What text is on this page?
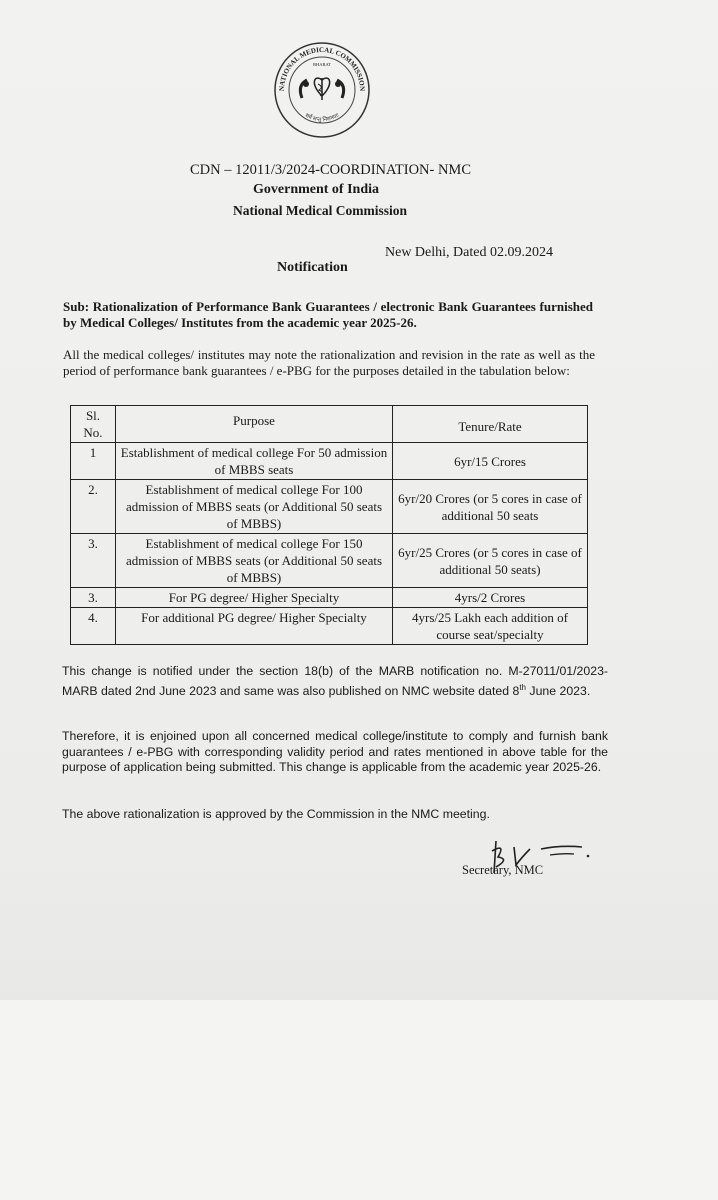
NATIONAL MEDICAL COMMISSION
BHARAT
सर्वे सन्तु निरामयाः
CDN – 12011/3/2024-COORDINATION- NMC
Government of India
National Medical Commission
New Delhi, Dated 02.09.2024
Notification
Sub: Rationalization of Performance Bank Guarantees / electronic Bank Guarantees furnished by Medical Colleges/ Institutes from the academic year 2025-26.
All the medical colleges/ institutes may note the rationalization and revision in the rate as well as the period of performance bank guarantees / e-PBG for the purposes detailed in the tabulation below:
Sl. No.	Purpose	Tenure/Rate
1	Establishment of medical college For 50 admission of MBBS seats	6yr/15 Crores
2.	Establishment of medical college For 100 admission of MBBS seats (or Additional 50 seats of MBBS)	6yr/20 Crores (or 5 cores in case of additional 50 seats
3.	Establishment of medical college For 150 admission of MBBS seats (or Additional 50 seats of MBBS)	6yr/25 Crores (or 5 cores in case of additional 50 seats)
3.	For PG degree/ Higher Specialty	4yrs/2 Crores
4.	For additional PG degree/ Higher Specialty	4yrs/25 Lakh each addition of course seat/specialty
This change is notified under the section 18(b) of the MARB notification no. M-27011/01/2023-MARB dated 2nd June 2023 and same was also published on NMC website dated 8th June 2023.
Therefore, it is enjoined upon all concerned medical college/institute to comply and furnish bank guarantees / e-PBG with corresponding validity period and rates mentioned in above table for the purpose of application being submitted. This change is applicable from the academic year 2025-26.
The above rationalization is approved by the Commission in the NMC meeting.
Secretary, NMC
